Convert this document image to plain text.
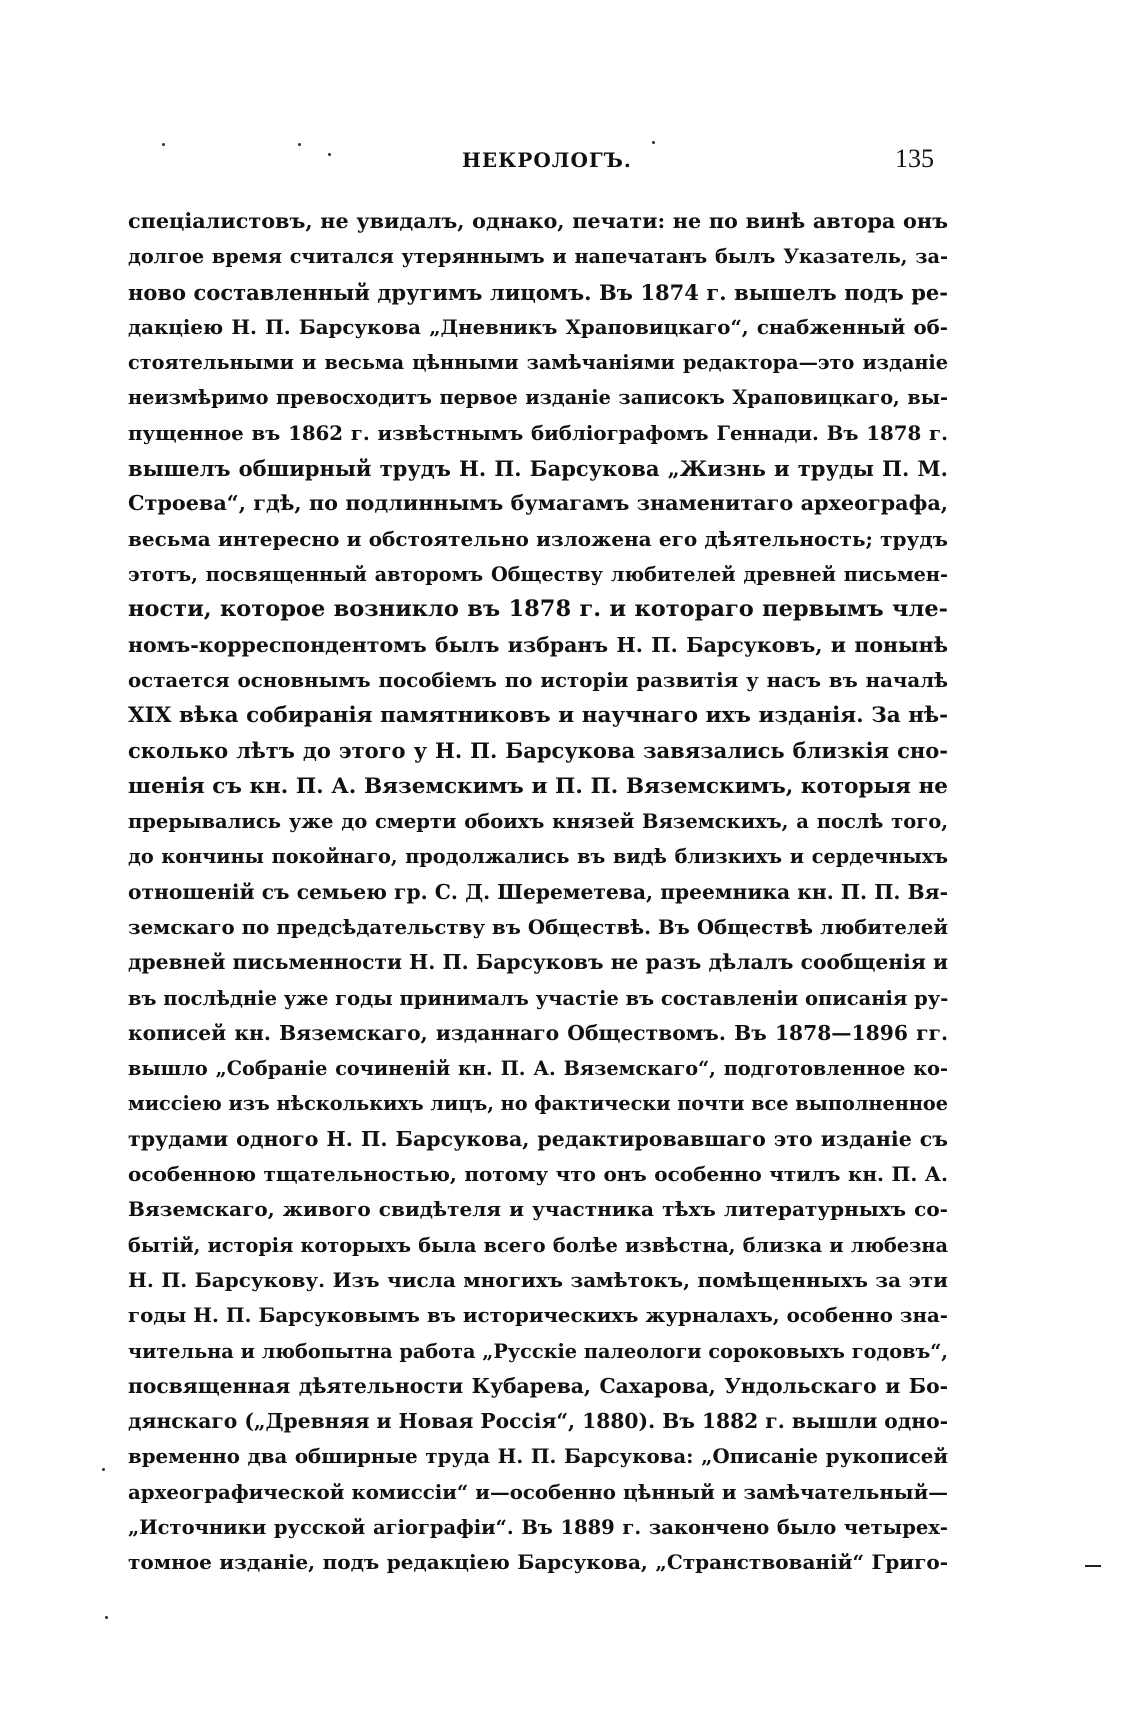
НЕКРОЛОГЪ.	135
спеціалистовъ, не увидалъ, однако, печати: не по винѣ автора онъ
долгое время считался утеряннымъ и напечатанъ былъ Указатель, за-
ново составленный другимъ лицомъ. Въ 1874 г. вышелъ подъ ре-
дакціею Н. П. Барсукова „Дневникъ Храповицкаго“, снабженный об-
стоятельными и весьма цѣнными замѣчаніями редактора—это изданіе
неизмѣримо превосходитъ первое изданіе записокъ Храповицкаго, вы-
пущенное въ 1862 г. извѣстнымъ библіографомъ Геннади. Въ 1878 г.
вышелъ обширный трудъ Н. П. Барсукова „Жизнь и труды П. М.
Строева“, гдѣ, по подлиннымъ бумагамъ знаменитаго археографа,
весьма интересно и обстоятельно изложена его дѣятельность; трудъ
этотъ, посвященный авторомъ Обществу любителей древней письмен-
ности, которое возникло въ 1878 г. и котораго первымъ чле-
номъ-корреспондентомъ былъ избранъ Н. П. Барсуковъ, и понынѣ
остается основнымъ пособіемъ по исторіи развитія у насъ въ началѣ
XIX вѣка собиранія памятниковъ и научнаго ихъ изданія. За нѣ-
сколько лѣтъ до этого у Н. П. Барсукова завязались близкія сно-
шенія съ кн. П. А. Вяземскимъ и П. П. Вяземскимъ, которыя не
прерывались уже до смерти обоихъ князей Вяземскихъ, а послѣ того,
до кончины покойнаго, продолжались въ видѣ близкихъ и сердечныхъ
отношеній съ семьею гр. С. Д. Шереметева, преемника кн. П. П. Вя-
земскаго по предсѣдательству въ Обществѣ. Въ Обществѣ любителей
древней письменности Н. П. Барсуковъ не разъ дѣлалъ сообщенія и
въ послѣдніе уже годы принималъ участіе въ составленіи описанія ру-
кописей кн. Вяземскаго, изданнаго Обществомъ. Въ 1878—1896 гг.
вышло „Собраніе сочиненій кн. П. А. Вяземскаго“, подготовленное ко-
миссіею изъ нѣсколькихъ лицъ, но фактически почти все выполненное
трудами одного Н. П. Барсукова, редактировавшаго это изданіе съ
особенною тщательностью, потому что онъ особенно чтилъ кн. П. А.
Вяземскаго, живого свидѣтеля и участника тѣхъ литературныхъ со-
бытій, исторія которыхъ была всего болѣе извѣстна, близка и любезна
Н. П. Барсукову. Изъ числа многихъ замѣтокъ, помѣщенныхъ за эти
годы Н. П. Барсуковымъ въ историческихъ журналахъ, особенно зна-
чительна и любопытна работа „Русскіе палеологи сороковыхъ годовъ“,
посвященная дѣятельности Кубарева, Сахарова, Ундольскаго и Бо-
дянскаго („Древняя и Новая Россія“, 1880). Въ 1882 г. вышли одно-
временно два обширные труда Н. П. Барсукова: „Описаніе рукописей
археографической комиссіи“ и—особенно цѣнный и замѣчательный—
„Источники русской агіографіи“. Въ 1889 г. закончено было четырех-
томное изданіе, подъ редакціею Барсукова, „Странствованій“ Григо-
